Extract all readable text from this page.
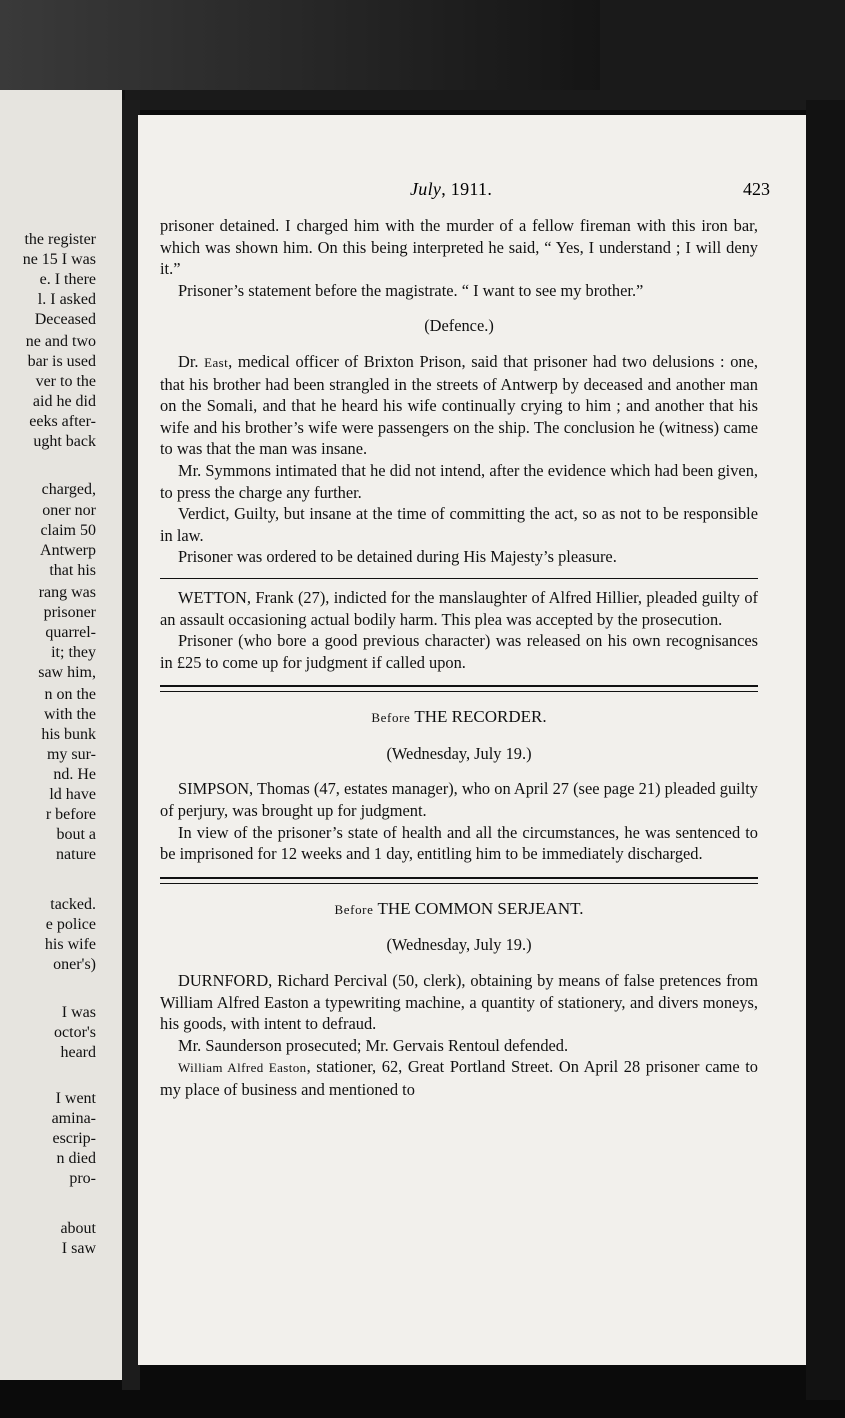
the register
ne 15 I was
e. I there
l. I asked
Deceased
ne and two
bar is used
ver to the
aid he did
eeks after-
ught back
charged,
oner nor
claim 50
Antwerp
that his
rang was
prisoner
quarrel-
it; they
saw him,
n on the
with the
his bunk
my sur-
nd. He
ld have
r before
bout a
nature
tacked.
e police
his wife
oner's)
I was
octor's
heard
I went
amina-
escrip-
n died
pro-
about
I saw
July, 1911.	423

prisoner detained. I charged him with the murder of a fellow fireman with this iron bar, which was shown him. On this being interpreted he said, “ Yes, I understand ; I will deny it.”

Prisoner’s statement before the magistrate. “ I want to see my brother.”

(Defence.)

Dr. East, medical officer of Brixton Prison, said that prisoner had two delusions : one, that his brother had been strangled in the streets of Antwerp by deceased and another man on the Somali, and that he heard his wife continually crying to him ; and another that his wife and his brother’s wife were passengers on the ship. The conclusion he (witness) came to was that the man was insane.

Mr. Symmons intimated that he did not intend, after the evidence which had been given, to press the charge any further.

Verdict, Guilty, but insane at the time of committing the act, so as not to be responsible in law.

Prisoner was ordered to be detained during His Majesty’s pleasure.

WETTON, Frank (27), indicted for the manslaughter of Alfred Hillier, pleaded guilty of an assault occasioning actual bodily harm. This plea was accepted by the prosecution.

Prisoner (who bore a good previous character) was released on his own recognisances in £25 to come up for judgment if called upon.

Before THE RECORDER.

(Wednesday, July 19.)

SIMPSON, Thomas (47, estates manager), who on April 27 (see page 21) pleaded guilty of perjury, was brought up for judgment.

In view of the prisoner’s state of health and all the circumstances, he was sentenced to be imprisoned for 12 weeks and 1 day, entitling him to be immediately discharged.

Before THE COMMON SERJEANT.

(Wednesday, July 19.)

DURNFORD, Richard Percival (50, clerk), obtaining by means of false pretences from William Alfred Easton a typewriting machine, a quantity of stationery, and divers moneys, his goods, with intent to defraud.

Mr. Saunderson prosecuted; Mr. Gervais Rentoul defended.

William Alfred Easton, stationer, 62, Great Portland Street. On April 28 prisoner came to my place of business and mentioned to
